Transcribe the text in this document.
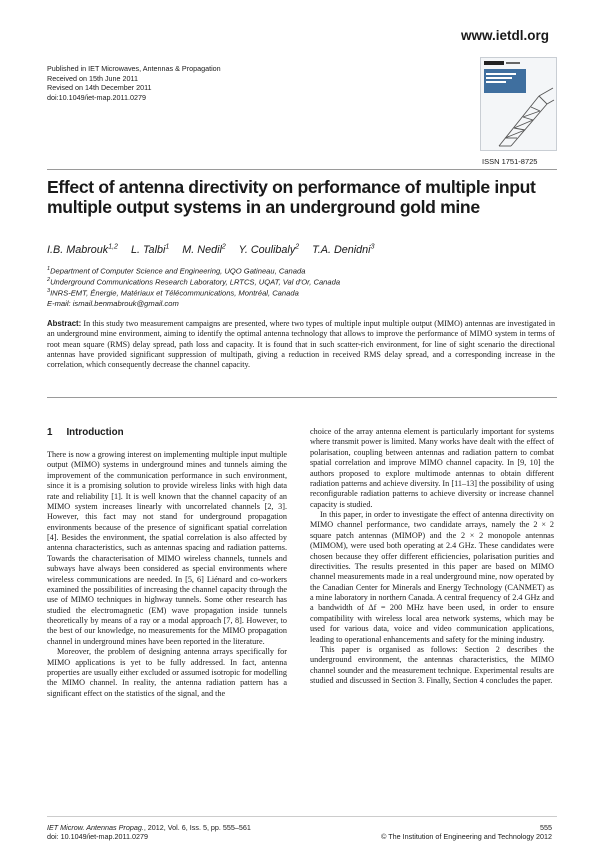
www.ietdl.org
Published in IET Microwaves, Antennas & Propagation
Received on 15th June 2011
Revised on 14th December 2011
doi:10.1049/iet-map.2011.0279
ISSN 1751-8725
Effect of antenna directivity on performance of multiple input multiple output systems in an underground gold mine
I.B. Mabrouk$^{1,2}$ L. Talbi$^1$ M. Nedil$^2$ Y. Coulibaly$^2$ T.A. Denidni$^3$
$^1$Department of Computer Science and Engineering, UQO Gatineau, Canada
$^2$Underground Communications Research Laboratory, LRTCS, UQAT, Val d'Or, Canada
$^3$INRS-EMT, Énergie, Matériaux et Télécommunications, Montréal, Canada
E-mail: ismail.benmabrouk@gmail.com

Abstract: In this study two measurement campaigns are presented, where two types of multiple input multiple output (MIMO) antennas are investigated in an underground mine environment, aiming to identify the optimal antenna technology that allows to improve the performance of MIMO system in terms of root mean square (RMS) delay spread, path loss and capacity. It is found that in such scatter-rich environment, for line of sight scenario the directional antennas have provided significant suppression of multipath, giving a reduction in received RMS delay spread, and a corresponding increase in the correlation, which consequently decrease the channel capacity.

1 Introduction

There is now a growing interest on implementing multiple input multiple output (MIMO) systems in underground mines and tunnels aiming the improvement of the communication performance in such environment, since it is a promising solution to provide wireless links with high data rate and reliability [1]. It is well known that the channel capacity of an MIMO system increases linearly with uncorrelated channels [2, 3]. However, this fact may not stand for underground propagation environments because of the presence of significant spatial correlation [4]. Besides the environment, the spatial correlation is also affected by antenna characteristics, such as antennas spacing and radiation patterns. Towards the characterisation of MIMO wireless channels, tunnels and subways have always been considered as special environments where wireless communications are needed. In [5, 6] Liénard and co-workers examined the possibilities of increasing the channel capacity through the use of MIMO techniques in highway tunnels. Some other research has studied the electromagnetic (EM) wave propagation inside tunnels theoretically by means of a ray or a modal approach [7, 8]. However, to the best of our knowledge, no measurements for the MIMO propagation channel in underground mines have been reported in the literature.

Moreover, the problem of designing antenna arrays specifically for MIMO applications is yet to be fully addressed. In fact, antenna properties are usually either excluded or assumed isotropic for modelling the MIMO channel. In reality, the antenna radiation pattern has a significant effect on the statistics of the signal, and the

choice of the array antenna element is particularly important for systems where transmit power is limited. Many works have dealt with the effect of polarisation, coupling between antennas and radiation pattern to combat spatial correlation and improve MIMO channel capacity. In [9, 10] the authors proposed to explore multimode antennas to obtain different radiation patterns and achieve diversity. In [11–13] the possibility of using reconfigurable radiation patterns to achieve diversity or increase channel capacity is studied.

In this paper, in order to investigate the effect of antenna directivity on MIMO channel performance, two candidate arrays, namely the 2 × 2 square patch antennas (MIMOP) and the 2 × 2 monopole antennas (MIMOM), were used both operating at 2.4 GHz. These candidates were chosen because they offer different efficiencies, polarisation purities and directivities. The results presented in this paper are based on MIMO channel measurements made in a real underground mine, now operated by the Canadian Center for Minerals and Energy Technology (CANMET) as a mine laboratory in northern Canada. A central frequency of 2.4 GHz and a bandwidth of Δf = 200 MHz have been used, in order to ensure compatibility with wireless local area network systems, which may be used for various data, voice and video communication applications, leading to operational enhancements and safety for the mining industry.

This paper is organised as follows: Section 2 describes the underground environment, the antennas characteristics, the MIMO channel sounder and the measurement technique. Experimental results are studied and discussed in Section 3. Finally, Section 4 concludes the paper.

IET Microw. Antennas Propag., 2012, Vol. 6, Iss. 5, pp. 555–561
doi: 10.1049/iet-map.2011.0279
555
© The Institution of Engineering and Technology 2012
